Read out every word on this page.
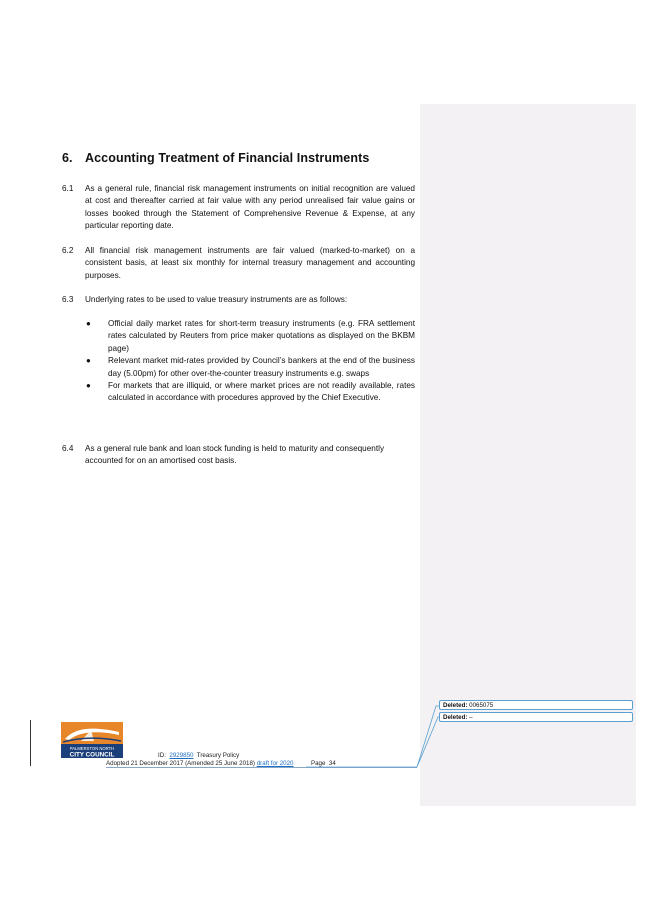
6. Accounting Treatment of Financial Instruments
6.1 As a general rule, financial risk management instruments on initial recognition are valued at cost and thereafter carried at fair value with any period unrealised fair value gains or losses booked through the Statement of Comprehensive Revenue & Expense, at any particular reporting date.
6.2 All financial risk management instruments are fair valued (marked-to-market) on a consistent basis, at least six monthly for internal treasury management and accounting purposes.
6.3 Underlying rates to be used to value treasury instruments are as follows:
● Official daily market rates for short-term treasury instruments (e.g. FRA settlement rates calculated by Reuters from price maker quotations as displayed on the BKBM page)
● Relevant market mid-rates provided by Council’s bankers at the end of the business day (5.00pm) for other over-the-counter treasury instruments e.g. swaps
● For markets that are illiquid, or where market prices are not readily available, rates calculated in accordance with procedures approved by the Chief Executive.
6.4 As a general rule bank and loan stock funding is held to maturity and consequently accounted for on an amortised cost basis.
PALMERSTON NORTH
CITY COUNCIL	ID: 2929850 Treasury Policy
Adopted 21 December 2017 (Amended 25 June 2018) draft for 2020	Page 34
Deleted: 0065075
Deleted: –
